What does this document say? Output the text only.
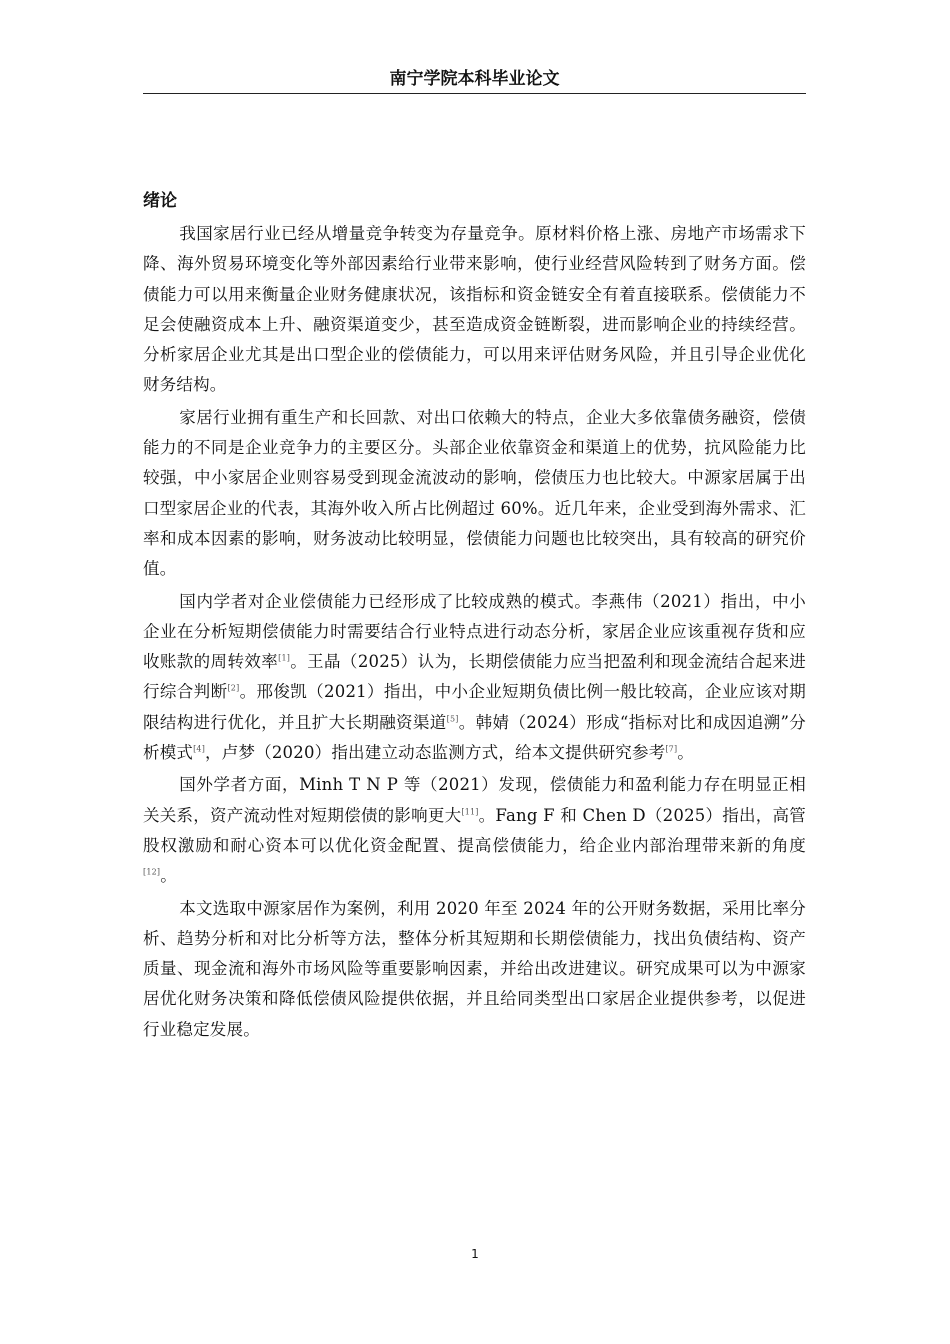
南宁学院本科毕业论文
绪论

我国家居行业已经从增量竞争转变为存量竞争。原材料价格上涨、房地产市场需求下降、海外贸易环境变化等外部因素给行业带来影响，使行业经营风险转到了财务方面。偿债能力可以用来衡量企业财务健康状况，该指标和资金链安全有着直接联系。偿债能力不足会使融资成本上升、融资渠道变少，甚至造成资金链断裂，进而影响企业的持续经营。分析家居企业尤其是出口型企业的偿债能力，可以用来评估财务风险，并且引导企业优化财务结构。

家居行业拥有重生产和长回款、对出口依赖大的特点，企业大多依靠债务融资，偿债能力的不同是企业竞争力的主要区分。头部企业依靠资金和渠道上的优势，抗风险能力比较强，中小家居企业则容易受到现金流波动的影响，偿债压力也比较大。中源家居属于出口型家居企业的代表，其海外收入所占比例超过 60%。近几年来，企业受到海外需求、汇率和成本因素的影响，财务波动比较明显，偿债能力问题也比较突出，具有较高的研究价值。

国内学者对企业偿债能力已经形成了比较成熟的模式。李燕伟（2021）指出，中小企业在分析短期偿债能力时需要结合行业特点进行动态分析，家居企业应该重视存货和应收账款的周转效率[1]。王晶（2025）认为，长期偿债能力应当把盈利和现金流结合起来进行综合判断[2]。邢俊凯（2021）指出，中小企业短期负债比例一般比较高，企业应该对期限结构进行优化，并且扩大长期融资渠道[5]。韩婧（2024）形成“指标对比和成因追溯”分析模式[4]，卢梦（2020）指出建立动态监测方式，给本文提供研究参考[7]。

国外学者方面，Minh T N P 等（2021）发现，偿债能力和盈利能力存在明显正相关关系，资产流动性对短期偿债的影响更大[11]。Fang F 和 Chen D（2025）指出，高管股权激励和耐心资本可以优化资金配置、提高偿债能力，给企业内部治理带来新的角度[12]。

本文选取中源家居作为案例，利用 2020 年至 2024 年的公开财务数据，采用比率分析、趋势分析和对比分析等方法，整体分析其短期和长期偿债能力，找出负债结构、资产质量、现金流和海外市场风险等重要影响因素，并给出改进建议。研究成果可以为中源家居优化财务决策和降低偿债风险提供依据，并且给同类型出口家居企业提供参考，以促进行业稳定发展。

1
